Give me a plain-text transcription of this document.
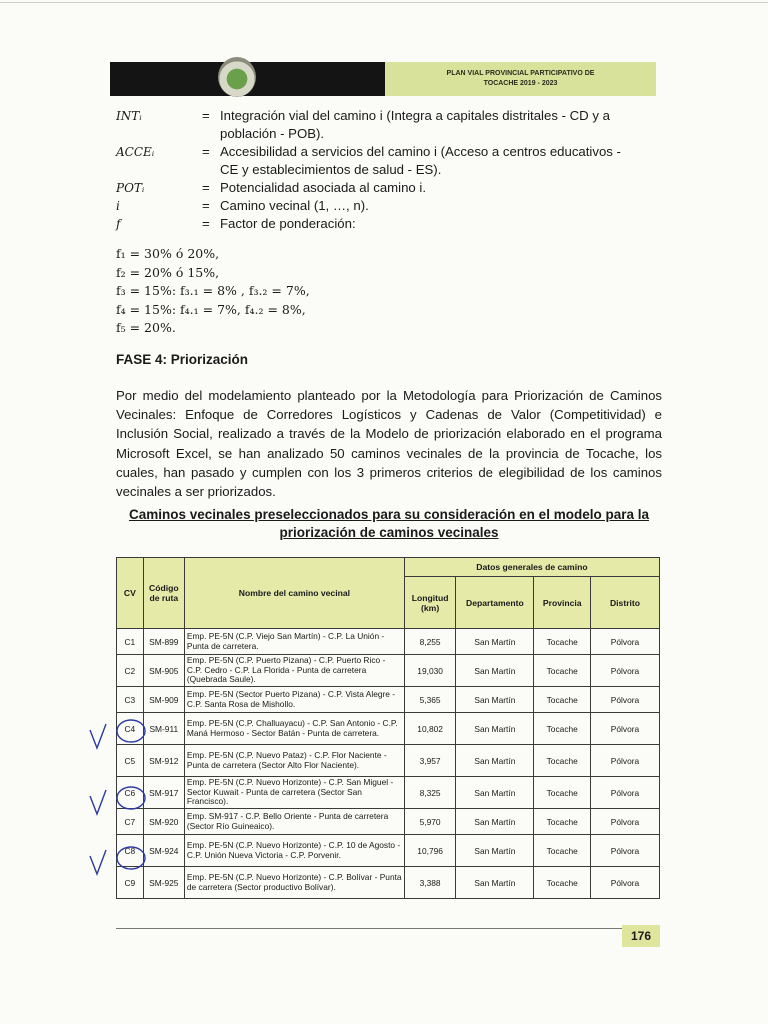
PLAN VIAL PROVINCIAL PARTICIPATIVO DE
TOCACHE 2019 - 2023
INTᵢ	= Integración vial del camino i (Integra a capitales distritales - CD y a
población - POB).
ACCEᵢ	= Accesibilidad a servicios del camino i (Acceso a centros educativos -
CE y establecimientos de salud - ES).
POTᵢ	= Potencialidad asociada al camino i.
i	= Camino vecinal (1, …, n).
f	= Factor de ponderación:
f₁ = 30% ó 20%,
f₂ = 20% ó 15%,
f₃ = 15%: f₃.₁ = 8% , f₃.₂ = 7%,
f₄ = 15%: f₄.₁ = 7%, f₄.₂ = 8%,
f₅ = 20%.
FASE 4: Priorización
Por medio del modelamiento planteado por la Metodología para Priorización de Caminos Vecinales: Enfoque de Corredores Logísticos y Cadenas de Valor (Competitividad) e Inclusión Social, realizado a través de la Modelo de priorización elaborado en el programa Microsoft Excel, se han analizado 50 caminos vecinales de la provincia de Tocache, los cuales, han pasado y cumplen con los 3 primeros criterios de elegibilidad de los caminos vecinales a ser priorizados.
Caminos vecinales preseleccionados para su consideración en el modelo para la
priorización de caminos vecinales
CV	Código de ruta	Nombre del camino vecinal	Datos generales de camino			
			Longitud (km)	Departamento	Provincia	Distrito
C1	SM-899	Emp. PE-5N (C.P. Viejo San Martín) - C.P. La Unión - Punta de carretera.	8,255	San Martín	Tocache	Pólvora
C2	SM-905	Emp. PE-5N (C.P. Puerto Pizana) - C.P. Puerto Rico - C.P. Cedro - C.P. La Florida - Punta de carretera (Quebrada Saule).	19,030	San Martín	Tocache	Pólvora
C3	SM-909	Emp. PE-5N (Sector Puerto Pizana) - C.P. Vista Alegre - C.P. Santa Rosa de Mishollo.	5,365	San Martín	Tocache	Pólvora
C4	SM-911	Emp. PE-5N (C.P. Challuayacu) - C.P. San Antonio - C.P. Maná Hermoso - Sector Batán - Punta de carretera.	10,802	San Martín	Tocache	Pólvora
C5	SM-912	Emp. PE-5N (C.P. Nuevo Pataz) - C.P. Flor Naciente - Punta de carretera (Sector Alto Flor Naciente).	3,957	San Martín	Tocache	Pólvora
C6	SM-917	Emp. PE-5N (C.P. Nuevo Horizonte) - C.P. San Miguel - Sector Kuwait - Punta de carretera (Sector San Francisco).	8,325	San Martín	Tocache	Pólvora
C7	SM-920	Emp. SM-917 - C.P. Bello Oriente - Punta de carretera (Sector Río Guineaico).	5,970	San Martín	Tocache	Pólvora
C8	SM-924	Emp. PE-5N (C.P. Nuevo Horizonte) - C.P. 10 de Agosto - C.P. Unión Nueva Victoria - C.P. Porvenir.	10,796	San Martín	Tocache	Pólvora
C9	SM-925	Emp. PE-5N (C.P. Nuevo Horizonte) - C.P. Bolívar - Punta de carretera (Sector productivo Bolívar).	3,388	San Martín	Tocache	Pólvora
176
